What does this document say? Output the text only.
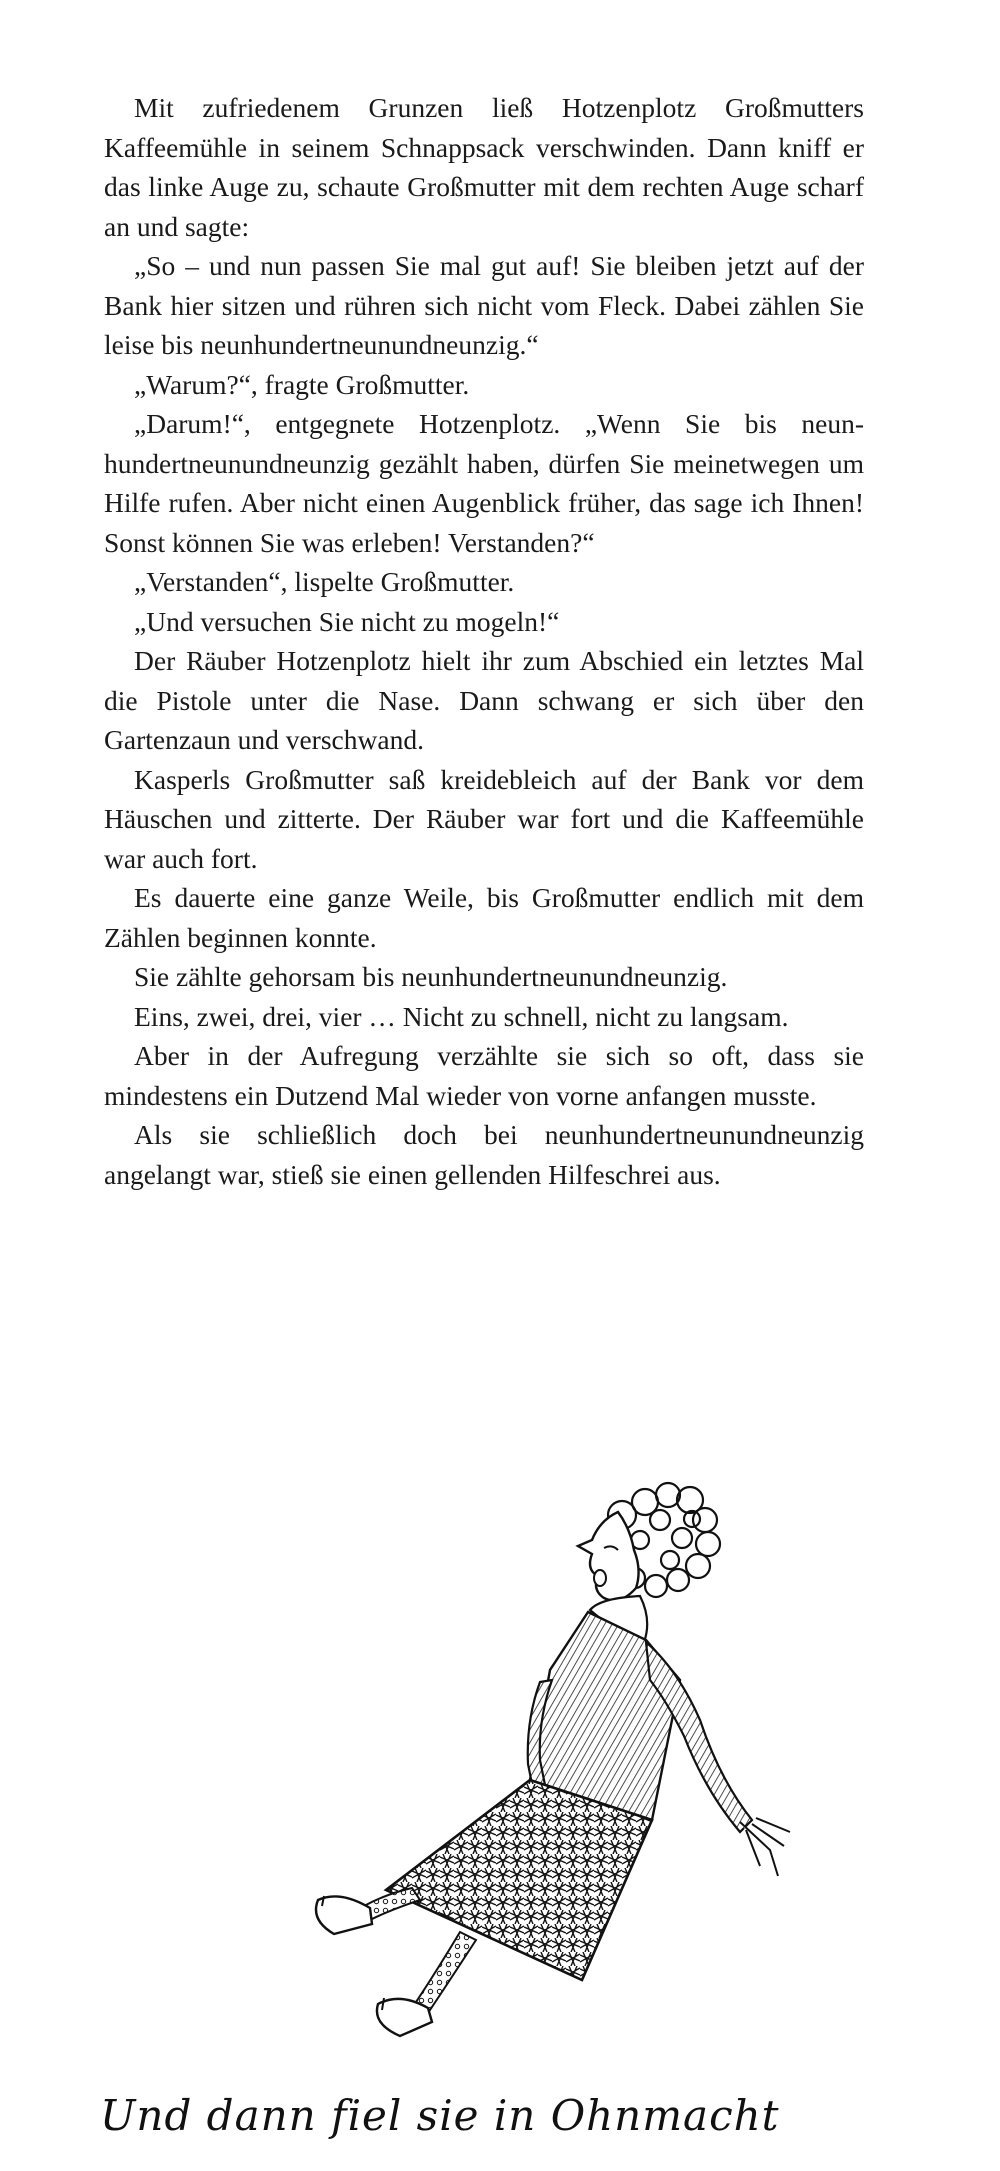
Mit zufriedenem Grunzen ließ Hotzenplotz Großmutters Kaffeemühle in seinem Schnappsack verschwinden. Dann kniff er das linke Auge zu, schaute Großmutter mit dem rechten Auge scharf an und sagte:

„So – und nun passen Sie mal gut auf! Sie bleiben jetzt auf der Bank hier sitzen und rühren sich nicht vom Fleck. Dabei zählen Sie leise bis neunhundertneunundneunzig.“

„Warum?“, fragte Großmutter.

„Darum!“, entgegnete Hotzenplotz. „Wenn Sie bis neunhundertneunundneunzig gezählt haben, dürfen Sie meinetwegen um Hilfe rufen. Aber nicht einen Augenblick früher, das sage ich Ihnen! Sonst können Sie was erleben! Verstanden?“

„Verstanden“, lispelte Großmutter.

„Und versuchen Sie nicht zu mogeln!“

Der Räuber Hotzenplotz hielt ihr zum Abschied ein letztes Mal die Pistole unter die Nase. Dann schwang er sich über den Gartenzaun und verschwand.

Kasperls Großmutter saß kreidebleich auf der Bank vor dem Häuschen und zitterte. Der Räuber war fort und die Kaffeemühle war auch fort.

Es dauerte eine ganze Weile, bis Großmutter endlich mit dem Zählen beginnen konnte.

Sie zählte gehorsam bis neunhundertneunundneunzig.

Eins, zwei, drei, vier … Nicht zu schnell, nicht zu langsam.

Aber in der Aufregung verzählte sie sich so oft, dass sie mindestens ein Dutzend Mal wieder von vorne anfangen musste.

Als sie schließlich doch bei neunhundertneunundneunzig angelangt war, stieß sie einen gellenden Hilfeschrei aus.

Und dann fiel sie in Ohnmacht
